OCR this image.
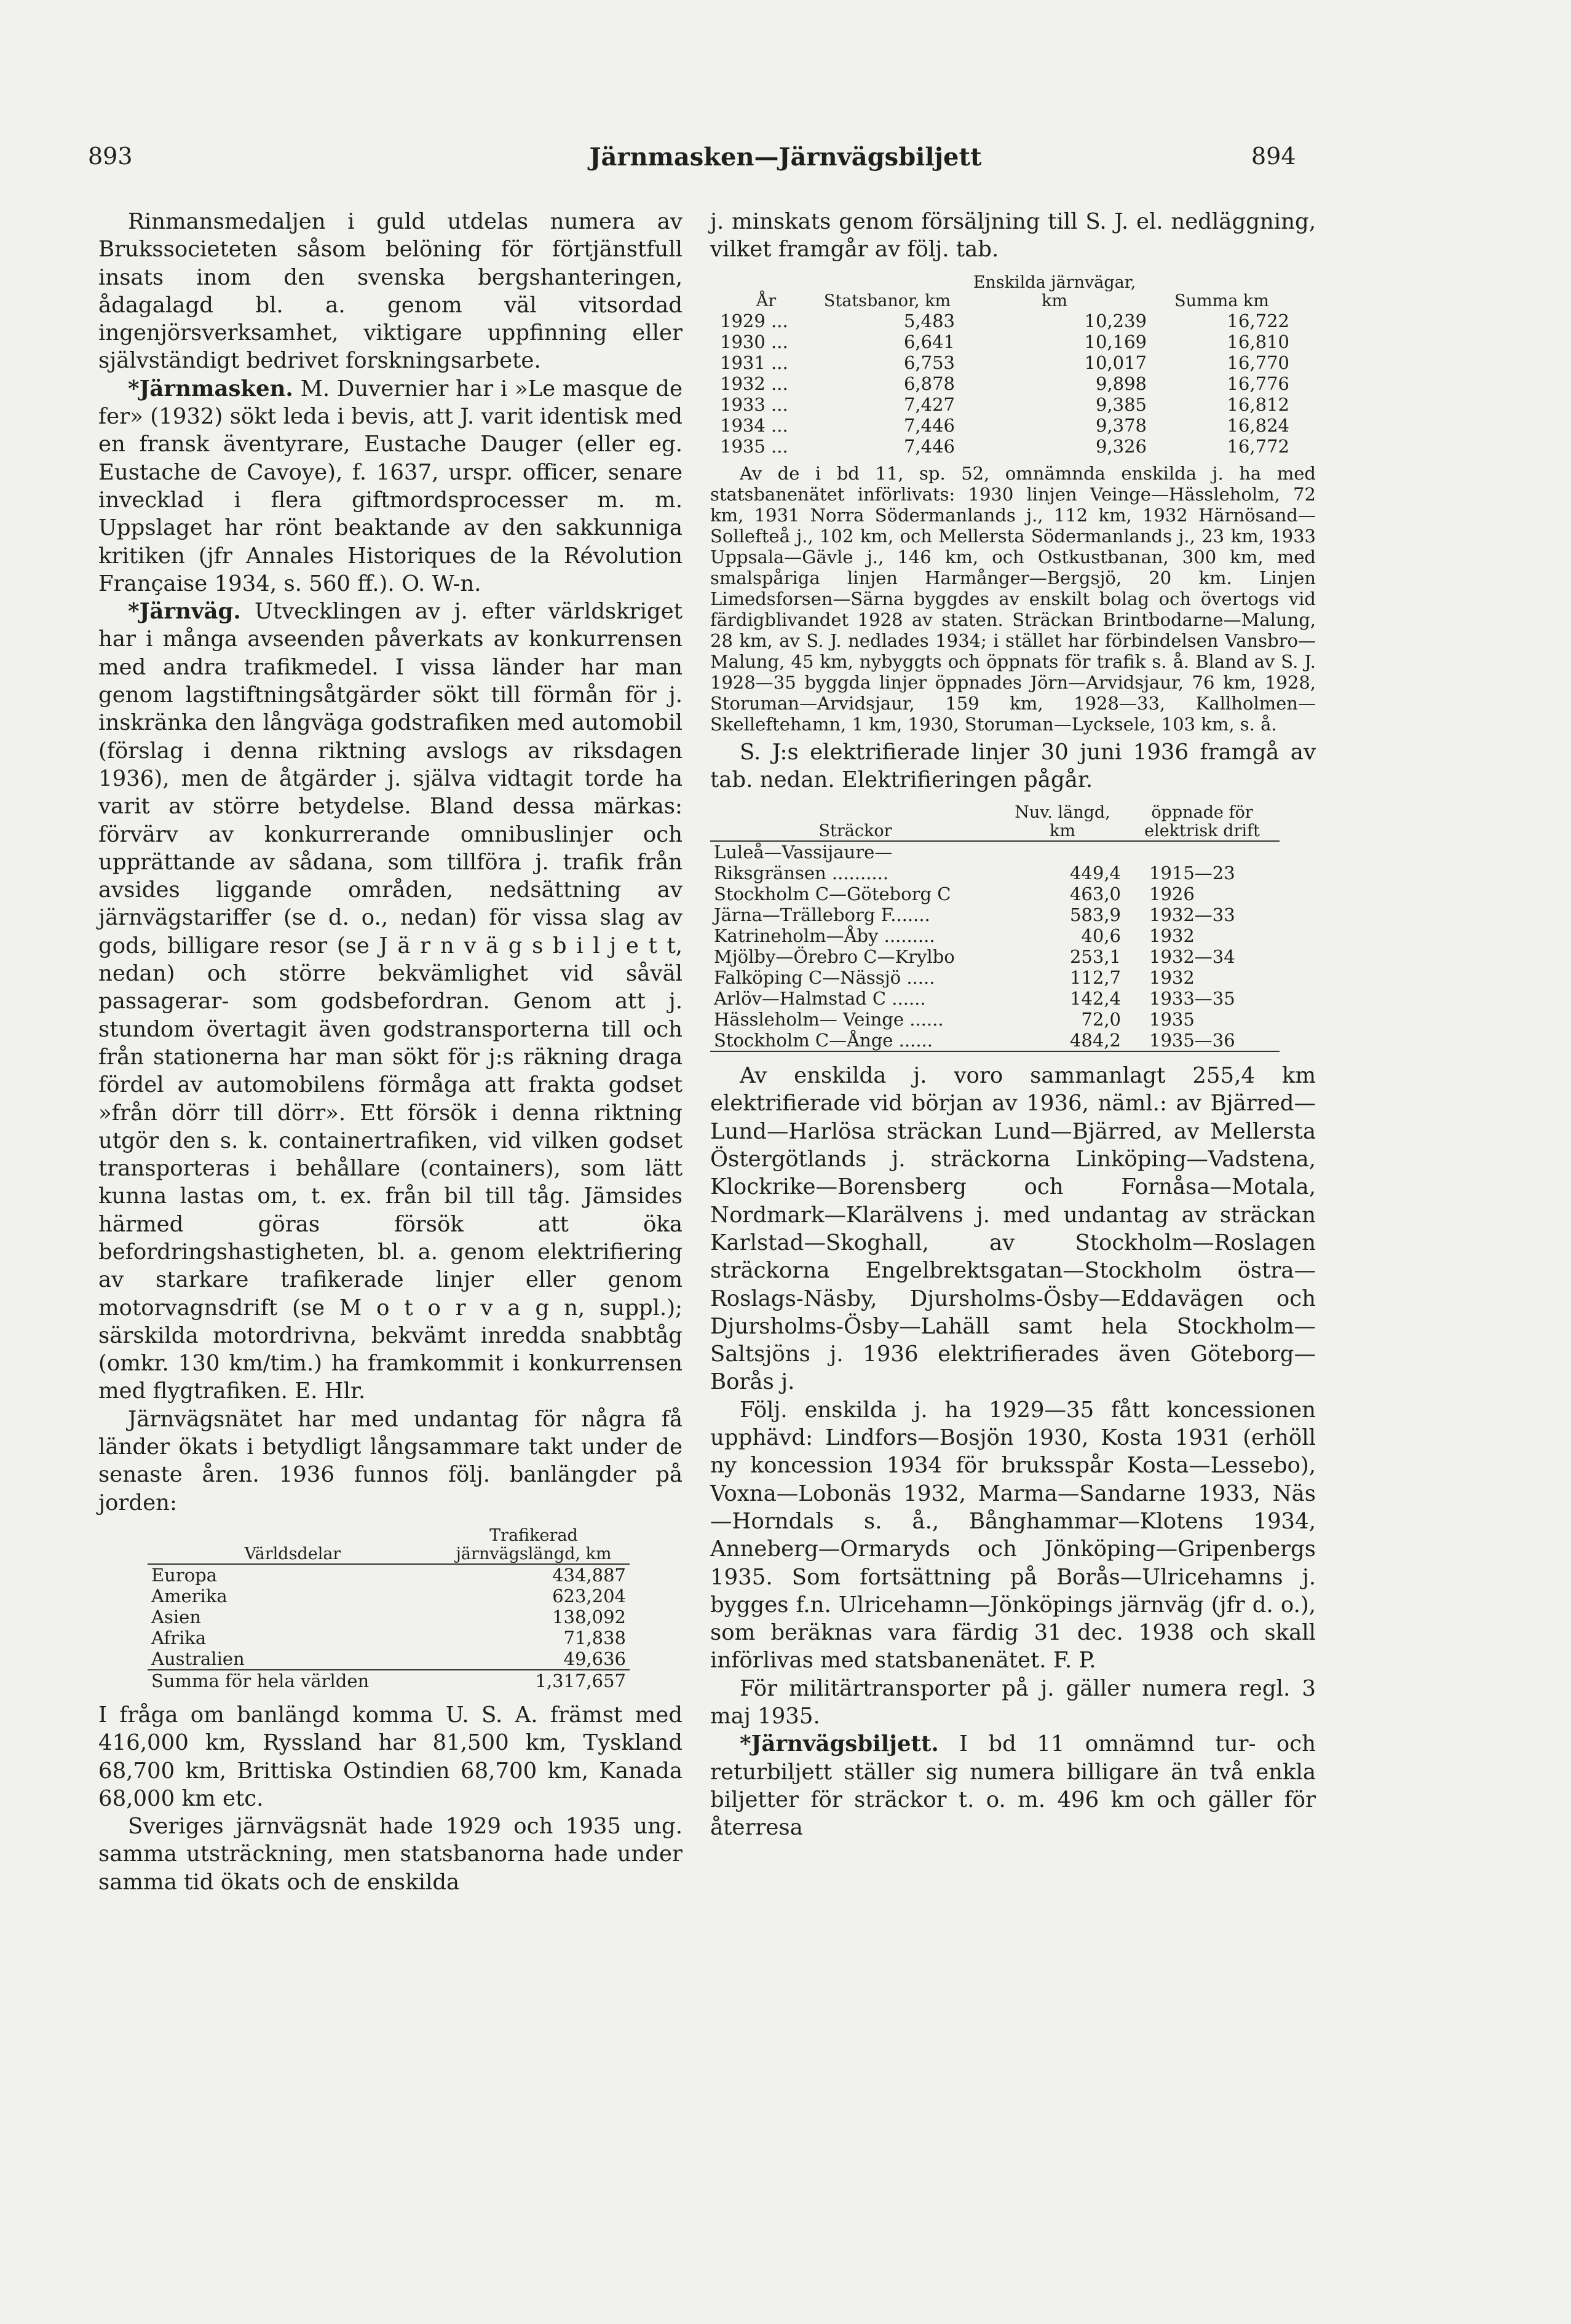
893	Järnmasken—Järnvägsbiljett	894

Rinmansmedaljen i guld utdelas numera av Brukssocieteten såsom belöning för förtjänstfull insats inom den svenska bergshanteringen, ådagalagd bl. a. genom väl vitsordad ingenjörsverksamhet, viktigare uppfinning eller självständigt bedrivet forskningsarbete.

*Järnmasken. M. Duvernier har i »Le masque de fer» (1932) sökt leda i bevis, att J. varit identisk med en fransk äventyrare, Eustache Dauger (eller eg. Eustache de Cavoye), f. 1637, urspr. officer, senare invecklad i flera giftmordsprocesser m. m. Uppslaget har rönt beaktande av den sakkunniga kritiken (jfr Annales Historiques de la Révolution Française 1934, s. 560 ff.). O. W-n.

*Järnväg. Utvecklingen av j. efter världskriget har i många avseenden påverkats av konkurrensen med andra trafikmedel. I vissa länder har man genom lagstiftningsåtgärder sökt till förmån för j. inskränka den långväga godstrafiken med automobil (förslag i denna riktning avslogs av riksdagen 1936), men de åtgärder j. själva vidtagit torde ha varit av större betydelse. Bland dessa märkas: förvärv av konkurrerande omnibuslinjer och upprättande av sådana, som tillföra j. trafik från avsides liggande områden, nedsättning av järnvägstariffer (se d. o., nedan) för vissa slag av gods, billigare resor (se J ä r n v ä g s b i l j e t t, nedan) och större bekvämlighet vid såväl passagerar- som godsbefordran. Genom att j. stundom övertagit även godstransporterna till och från stationerna har man sökt för j:s räkning draga fördel av automobilens förmåga att frakta godset »från dörr till dörr». Ett försök i denna riktning utgör den s. k. containertrafiken, vid vilken godset transporteras i behållare (containers), som lätt kunna lastas om, t. ex. från bil till tåg. Jämsides härmed göras försök att öka befordringshastigheten, bl. a. genom elektrifiering av starkare trafikerade linjer eller genom motorvagnsdrift (se M o t o r v a g n, suppl.); särskilda motordrivna, bekvämt inredda snabbtåg (omkr. 130 km/tim.) ha framkommit i konkurrensen med flygtrafiken. E. Hlr.

Järnvägsnätet har med undantag för några få länder ökats i betydligt långsammare takt under de senaste åren. 1936 funnos följ. banlängder på jorden:

Världsdelar	Trafikerad järnvägslängd, km
Europa	434,887
Amerika	623,204
Asien	138,092
Afrika	71,838
Australien	49,636
Summa för hela världen	1,317,657

I fråga om banlängd komma U. S. A. främst med 416,000 km, Ryssland har 81,500 km, Tyskland 68,700 km, Brittiska Ostindien 68,700 km, Kanada 68,000 km etc.

Sveriges järnvägsnät hade 1929 och 1935 ung. samma utsträckning, men statsbanorna hade under samma tid ökats och de enskilda

j. minskats genom försäljning till S. J. el. nedläggning, vilket framgår av följ. tab.

År	Statsbanor, km	Enskilda järnvägar, km	Summa km
1929 ...	5,483	10,239	16,722
1930 ...	6,641	10,169	16,810
1931 ...	6,753	10,017	16,770
1932 ...	6,878	9,898	16,776
1933 ...	7,427	9,385	16,812
1934 ...	7,446	9,378	16,824
1935 ...	7,446	9,326	16,772

Av de i bd 11, sp. 52, omnämnda enskilda j. ha med statsbanenätet införlivats: 1930 linjen Veinge—Hässleholm, 72 km, 1931 Norra Södermanlands j., 112 km, 1932 Härnösand—Sollefteå j., 102 km, och Mellersta Södermanlands j., 23 km, 1933 Uppsala—Gävle j., 146 km, och Ostkustbanan, 300 km, med smalspåriga linjen Harmånger—Bergsjö, 20 km. Linjen Limedsforsen—Särna byggdes av enskilt bolag och övertogs vid färdigblivandet 1928 av staten. Sträckan Brintbodarne—Malung, 28 km, av S. J. nedlades 1934; i stället har förbindelsen Vansbro—Malung, 45 km, nybyggts och öppnats för trafik s. å. Bland av S. J. 1928—35 byggda linjer öppnades Jörn—Arvidsjaur, 76 km, 1928, Storuman—Arvidsjaur, 159 km, 1928—33, Kallholmen—Skelleftehamn, 1 km, 1930, Storuman—Lycksele, 103 km, s. å.

S. J:s elektrifierade linjer 30 juni 1936 framgå av tab. nedan. Elektrifieringen pågår.

Sträckor	Nuv. längd, km	öppnade för elektrisk drift
Luleå—Vassijaure—Riksgränsen ..........	449,4	1915—23
Stockholm C—Göteborg C	463,0	1926
Järna—Trälleborg F.......	583,9	1932—33
Katrineholm—Åby .........	40,6	1932
Mjölby—Örebro C—Krylbo	253,1	1932—34
Falköping C—Nässjö .....	112,7	1932
Arlöv—Halmstad C ......	142,4	1933—35
Hässleholm— Veinge ......	72,0	1935
Stockholm C—Ånge ......	484,2	1935—36

Av enskilda j. voro sammanlagt 255,4 km elektrifierade vid början av 1936, näml.: av Bjärred—Lund—Harlösa sträckan Lund—Bjärred, av Mellersta Östergötlands j. sträckorna Linköping—Vadstena, Klockrike—Borensberg och Fornåsa—Motala, Nordmark—Klarälvens j. med undantag av sträckan Karlstad—Skoghall, av Stockholm—Roslagen sträckorna Engelbrektsgatan—Stockholm östra—Roslags-Näsby, Djursholms-Ösby—Eddavägen och Djursholms-Ösby—Lahäll samt hela Stockholm—Saltsjöns j. 1936 elektrifierades även Göteborg—Borås j.

Följ. enskilda j. ha 1929—35 fått koncessionen upphävd: Lindfors—Bosjön 1930, Kosta 1931 (erhöll ny koncession 1934 för bruksspår Kosta—Lessebo), Voxna—Lobonäs 1932, Marma—Sandarne 1933, Näs—Horndals s. å., Bånghammar—Klotens 1934, Anneberg—Ormaryds och Jönköping—Gripenbergs 1935. Som fortsättning på Borås—Ulricehamns j. bygges f.n. Ulricehamn—Jönköpings järnväg (jfr d. o.), som beräknas vara färdig 31 dec. 1938 och skall införlivas med statsbanenätet. F. P.

För militärtransporter på j. gäller numera regl. 3 maj 1935.

*Järnvägsbiljett. I bd 11 omnämnd tur- och returbiljett ställer sig numera billigare än två enkla biljetter för sträckor t. o. m. 496 km och gäller för återresa
